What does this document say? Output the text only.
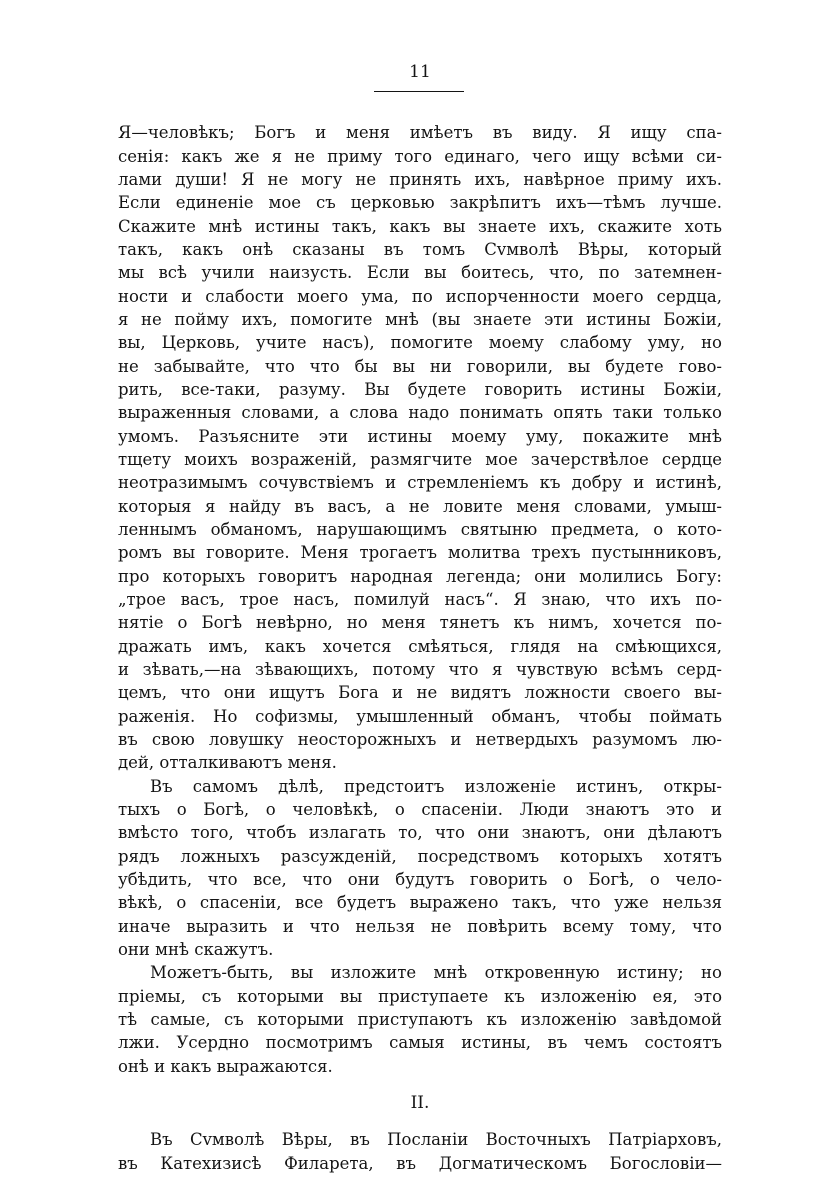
11
Я—человѣкъ; Богъ и меня имѣетъ въ виду. Я ищу спа-
сенія: какъ же я не приму того единаго, чего ищу всѣми си-
лами души! Я не могу не принять ихъ, навѣрное приму ихъ.
Если единеніе мое съ церковью закрѣпитъ ихъ—тѣмъ лучше.
Скажите мнѣ истины такъ, какъ вы знаете ихъ, скажите хоть
такъ, какъ онѣ сказаны въ томъ Сvмволѣ Вѣры, который
мы всѣ учили наизусть. Если вы боитесь, что, по затемнен-
ности и слабости моего ума, по испорченности моего сердца,
я не пойму ихъ, помогите мнѣ (вы знаете эти истины Божіи,
вы, Церковь, учите насъ), помогите моему слабому уму, но
не забывайте, что что бы вы ни говорили, вы будете гово-
рить, все-таки, разуму. Вы будете говорить истины Божіи,
выраженныя словами, а слова надо понимать опять таки только
умомъ. Разъясните эти истины моему уму, покажите мнѣ
тщету моихъ возраженій, размягчите мое зачерствѣлое сердце
неотразимымъ сочувствіемъ и стремленіемъ къ добру и истинѣ,
которыя я найду въ васъ, а не ловите меня словами, умыш-
леннымъ обманомъ, нарушающимъ святыню предмета, о кото-
ромъ вы говорите. Меня трогаетъ молитва трехъ пустынниковъ,
про которыхъ говоритъ народная легенда; они молились Богу:
„трое васъ, трое насъ, помилуй насъ“. Я знаю, что ихъ по-
нятіе о Богѣ невѣрно, но меня тянетъ къ нимъ, хочется по-
дражать имъ, какъ хочется смѣяться, глядя на смѣющихся,
и зѣвать,—на зѣвающихъ, потому что я чувствую всѣмъ серд-
цемъ, что они ищутъ Бога и не видятъ ложности своего вы-
раженія. Но софизмы, умышленный обманъ, чтобы поймать
въ свою ловушку неосторожныхъ и нетвердыхъ разумомъ лю-
дей, отталкиваютъ меня.
Въ самомъ дѣлѣ, предстоитъ изложеніе истинъ, откры-
тыхъ о Богѣ, о человѣкѣ, о спасеніи. Люди знаютъ это и
вмѣсто того, чтобъ излагать то, что они знаютъ, они дѣлаютъ
рядъ ложныхъ разсужденій, посредствомъ которыхъ хотятъ
убѣдить, что все, что они будутъ говорить о Богѣ, о чело-
вѣкѣ, о спасеніи, все будетъ выражено такъ, что уже нельзя
иначе выразить и что нельзя не повѣрить всему тому, что
они мнѣ скажутъ.
Можетъ-быть, вы изложите мнѣ откровенную истину; но
пріемы, съ которыми вы приступаете къ изложенію ея, это
тѣ самые, съ которыми приступаютъ къ изложенію завѣдомой
лжи. Усердно посмотримъ самыя истины, въ чемъ состоятъ
онѣ и какъ выражаются.
II.
Въ Сvмволѣ Вѣры, въ Посланіи Восточныхъ Патріарховъ,
въ Катехизисѣ Филарета, въ Догматическомъ Богословіи—
